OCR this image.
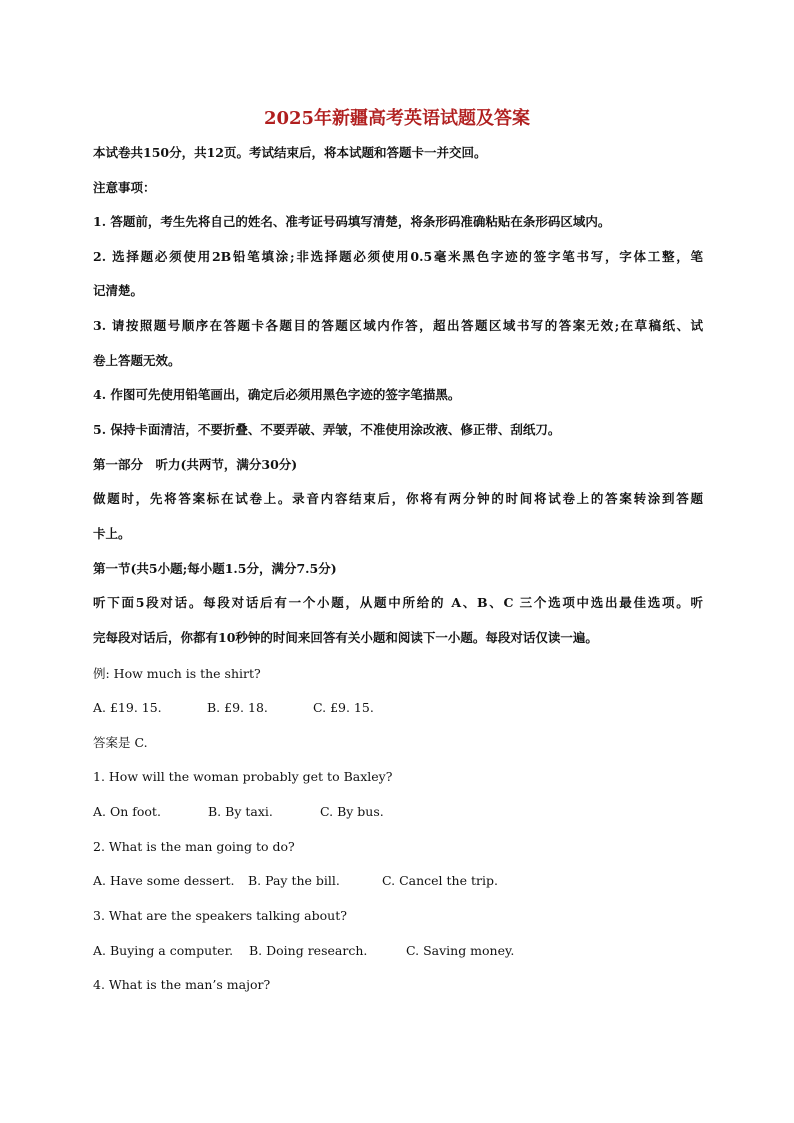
2025年新疆高考英语试题及答案
本试卷共150分，共12页。考试结束后，将本试题和答题卡一并交回。
注意事项：
1. 答题前，考生先将自己的姓名、准考证号码填写清楚，将条形码准确粘贴在条形码区域内。
2. 选择题必须使用2B铅笔填涂;非选择题必须使用0.5毫米黑色字迹的签字笔书写，字体工整，笔
记清楚。
3. 请按照题号顺序在答题卡各题目的答题区域内作答，超出答题区域书写的答案无效;在草稿纸、试
卷上答题无效。
4. 作图可先使用铅笔画出，确定后必须用黑色字迹的签字笔描黑。
5. 保持卡面清洁，不要折叠、不要弄破、弄皱，不准使用涂改液、修正带、刮纸刀。
第一部分　听力(共两节，满分30分)
做题时，先将答案标在试卷上。录音内容结束后，你将有两分钟的时间将试卷上的答案转涂到答题
卡上。
第一节(共5小题;每小题1.5分，满分7.5分)
听下面5段对话。每段对话后有一个小题，从题中所给的 A、B、C 三个选项中选出最佳选项。听
完每段对话后，你都有10秒钟的时间来回答有关小题和阅读下一小题。每段对话仅读一遍。
例: How much is the shirt?
A. £19. 15.	B. £9. 18.	C. £9. 15.
答案是 C.
1. How will the woman probably get to Baxley?
A. On foot.	B. By taxi.	C. By bus.
2. What is the man going to do?
A. Have some dessert. B. Pay the bill.	C. Cancel the trip.
3. What are the speakers talking about?
A. Buying a computer. B. Doing research.	C. Saving money.
4. What is the man’s major?
